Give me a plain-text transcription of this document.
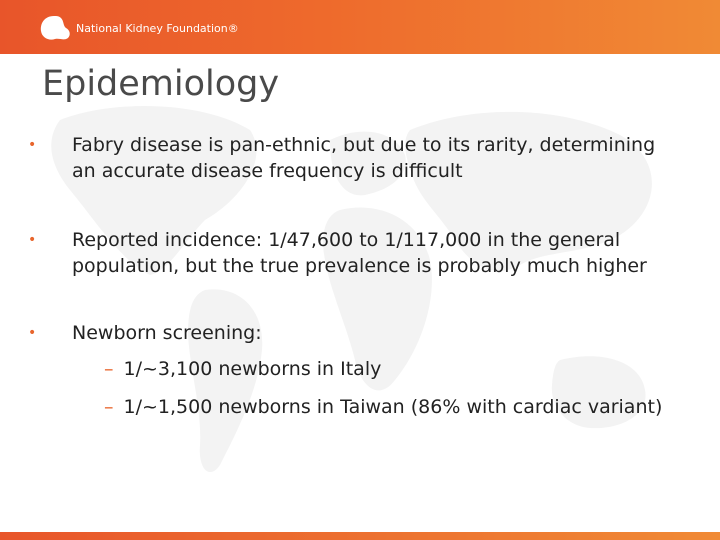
National Kidney Foundation®
Epidemiology
• Fabry disease is pan-ethnic, but due to its rarity, determining an accurate disease frequency is difficult
• Reported incidence: 1/47,600 to 1/117,000 in the general population, but the true prevalence is probably much higher
• Newborn screening:
– 1/~3,100 newborns in Italy
– 1/~1,500 newborns in Taiwan (86% with cardiac variant)
